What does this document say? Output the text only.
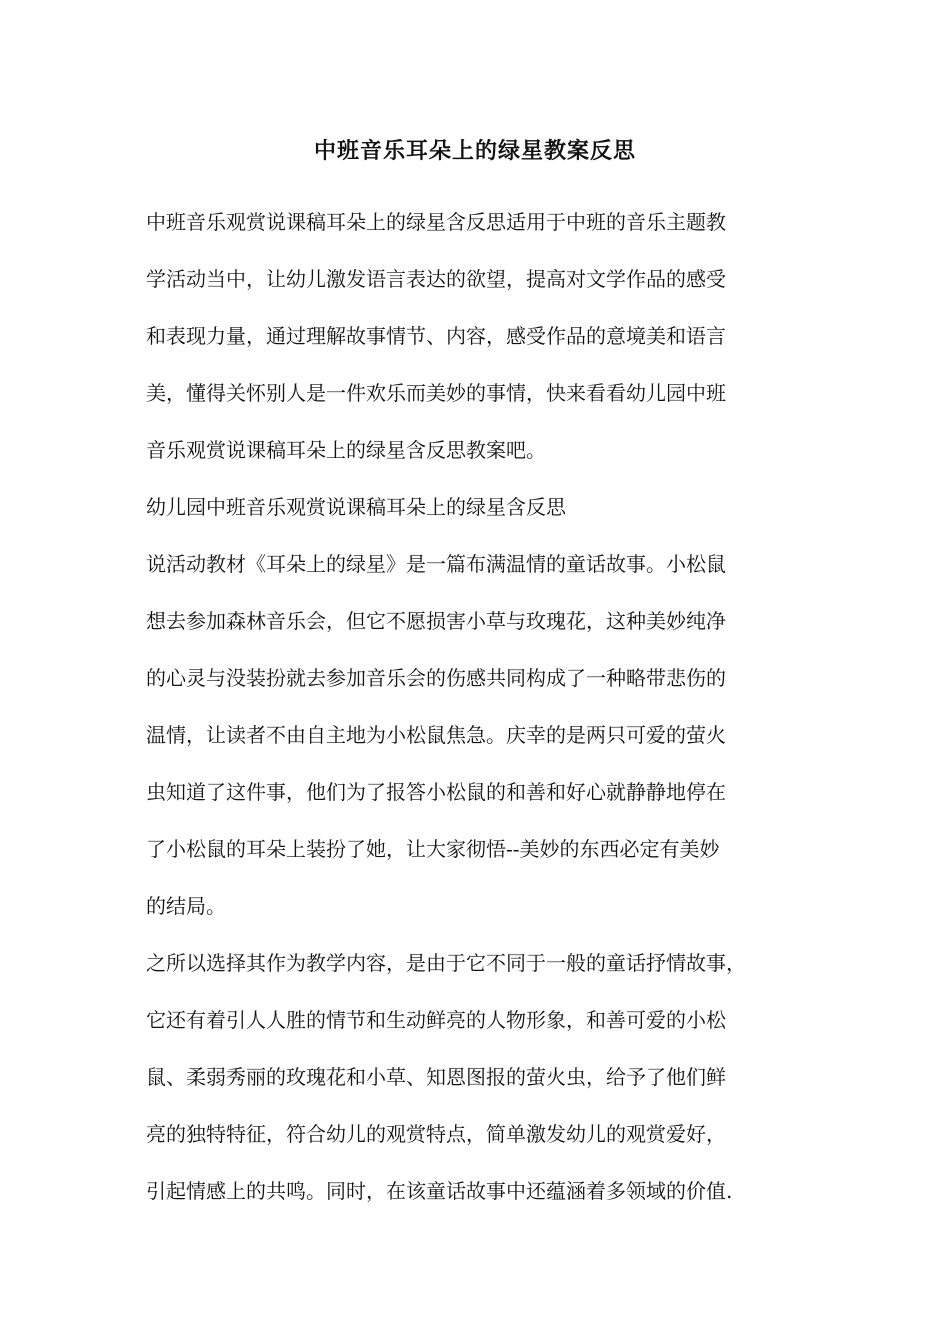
中班音乐耳朵上的绿星教案反思
中班音乐观赏说课稿耳朵上的绿星含反思适用于中班的音乐主题教
学活动当中，让幼儿激发语言表达的欲望，提高对文学作品的感受
和表现力量，通过理解故事情节、内容，感受作品的意境美和语言
美，懂得关怀别人是一件欢乐而美妙的事情，快来看看幼儿园中班
音乐观赏说课稿耳朵上的绿星含反思教案吧。
幼儿园中班音乐观赏说课稿耳朵上的绿星含反思
说活动教材《耳朵上的绿星》是一篇布满温情的童话故事。小松鼠
想去参加森林音乐会，但它不愿损害小草与玫瑰花，这种美妙纯净
的心灵与没装扮就去参加音乐会的伤感共同构成了一种略带悲伤的
温情，让读者不由自主地为小松鼠焦急。庆幸的是两只可爱的萤火
虫知道了这件事，他们为了报答小松鼠的和善和好心就静静地停在
了小松鼠的耳朵上装扮了她，让大家彻悟--美妙的东西必定有美妙
的结局。
之所以选择其作为教学内容，是由于它不同于一般的童话抒情故事，
它还有着引人人胜的情节和生动鲜亮的人物形象，和善可爱的小松
鼠、柔弱秀丽的玫瑰花和小草、知恩图报的萤火虫，给予了他们鲜
亮的独特特征，符合幼儿的观赏特点，简单激发幼儿的观赏爱好，
引起情感上的共鸣。同时，在该童话故事中还蕴涵着多领域的价值.
